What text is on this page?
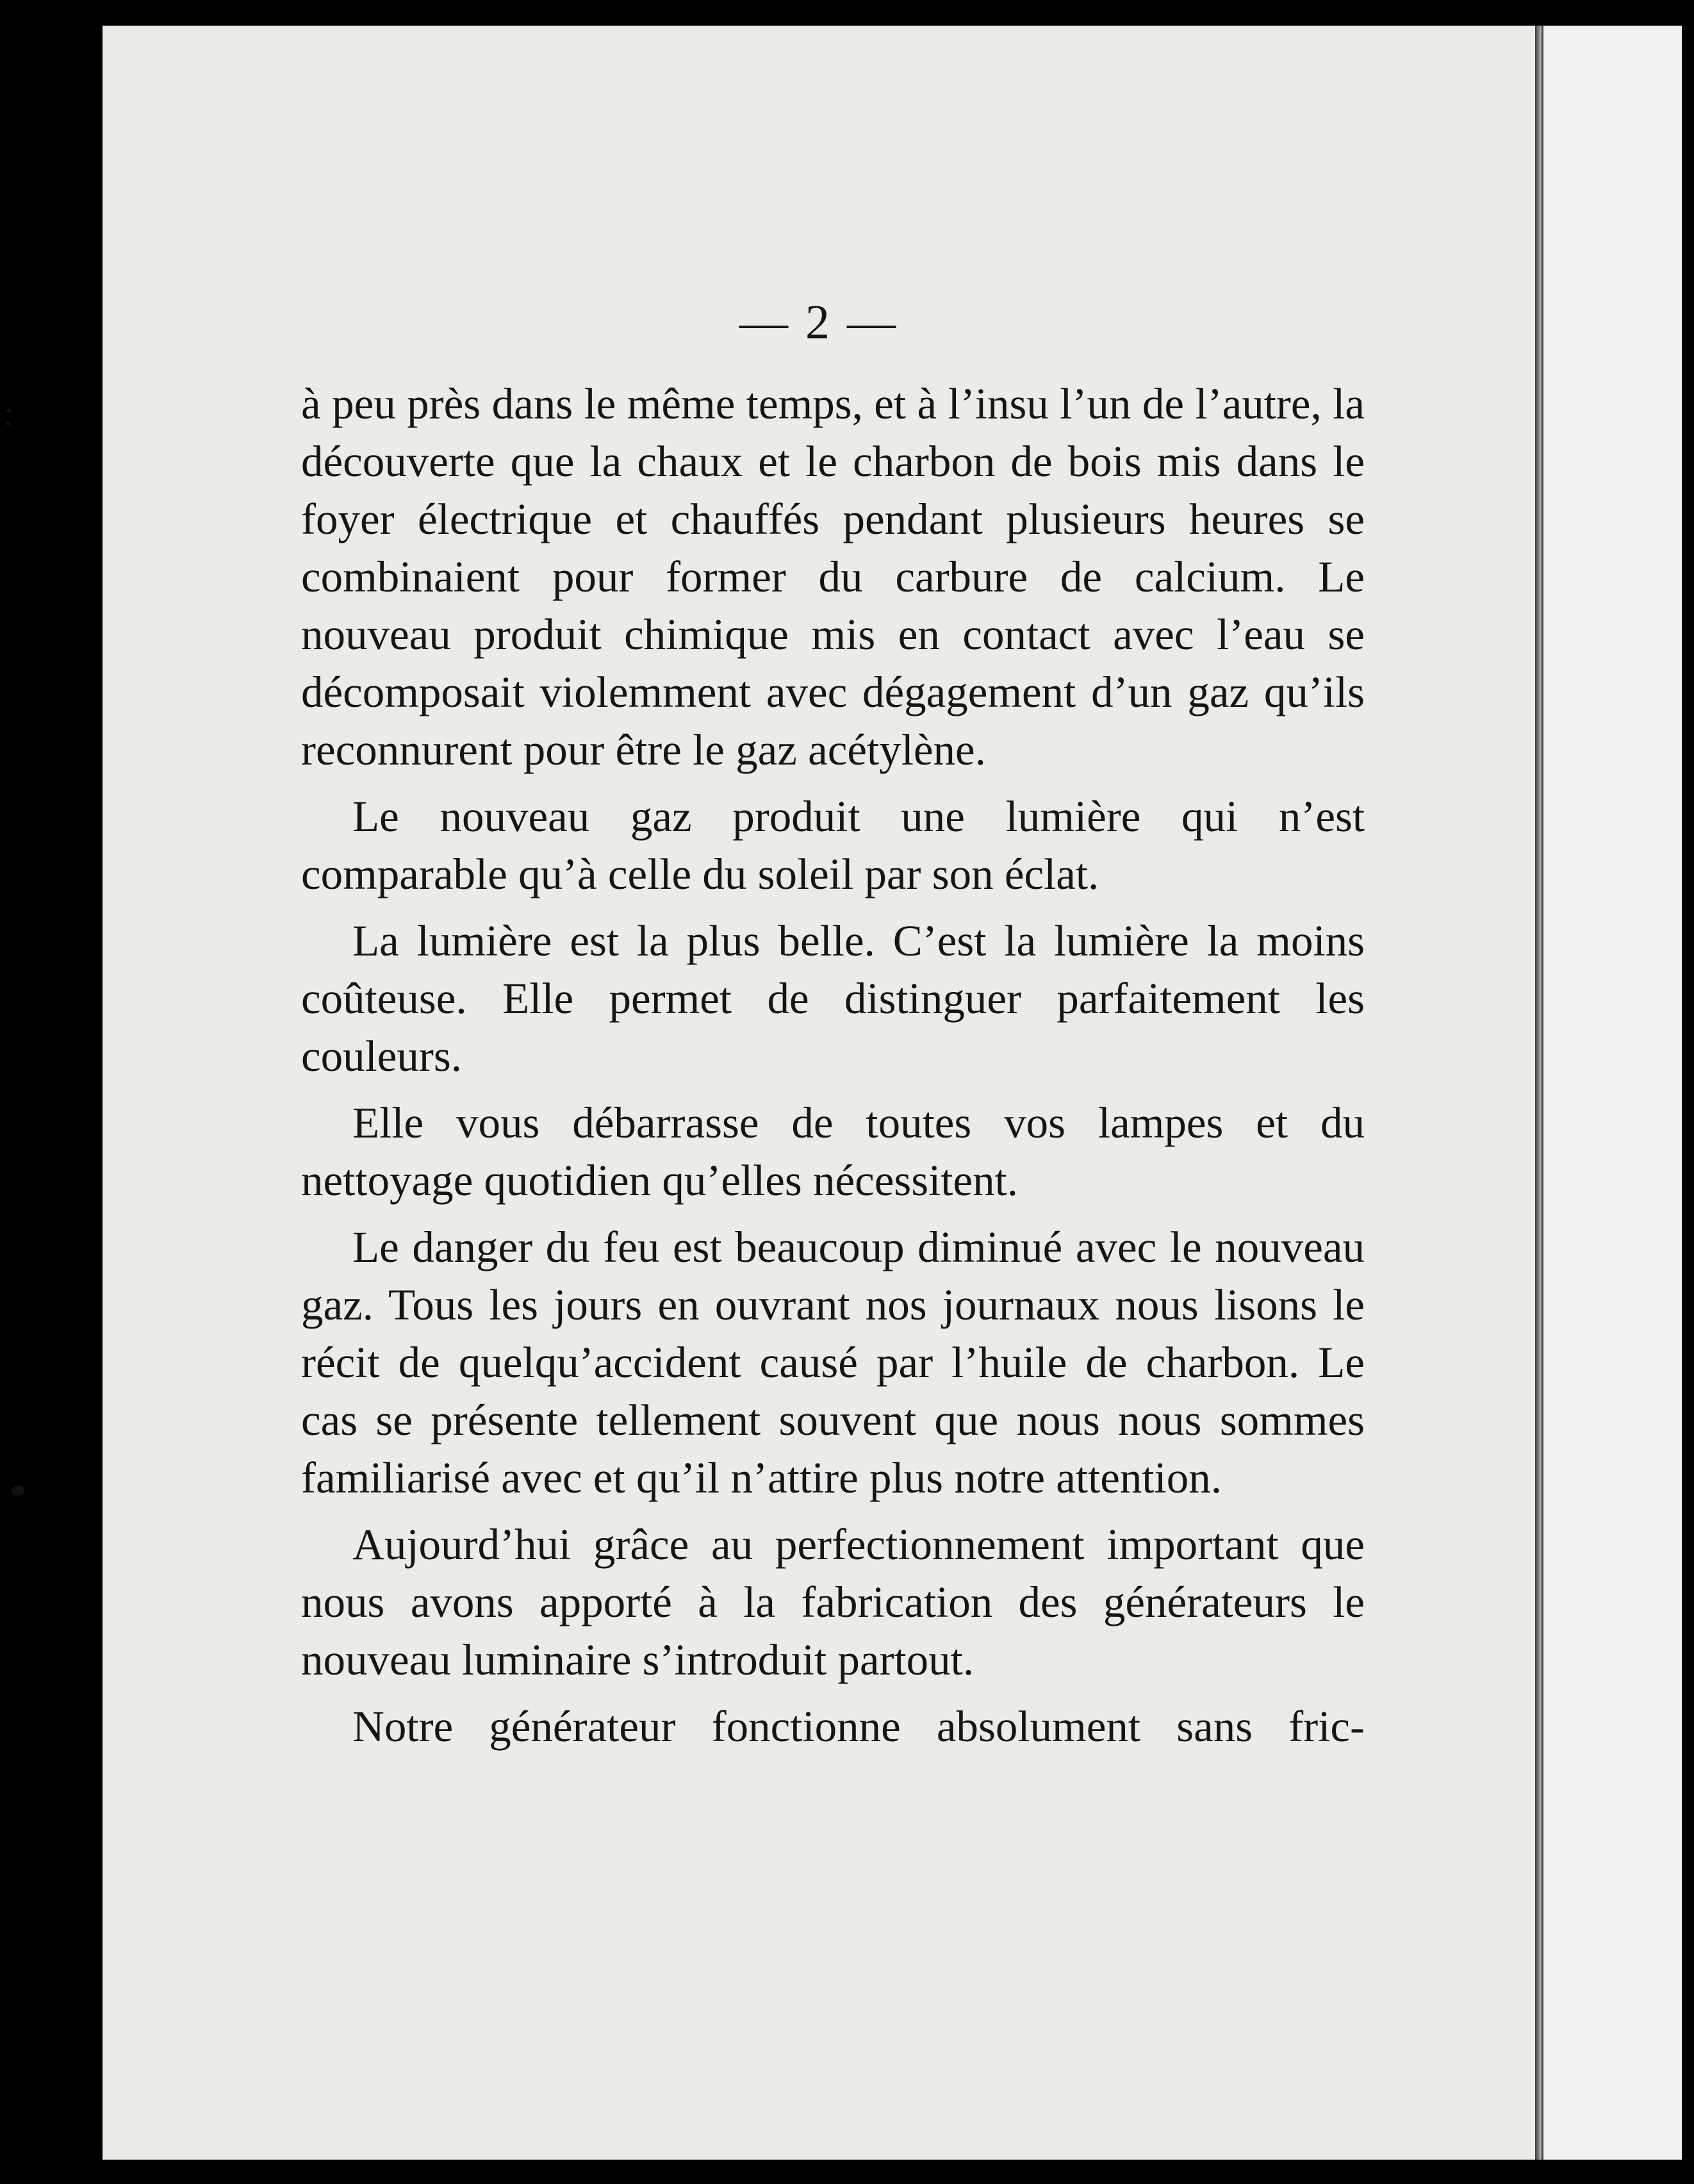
— 2 —

à peu près dans le même temps, et à l’insu l’un de l’autre, la découverte que la chaux et le charbon de bois mis dans le foyer électrique et chauffés pendant plusieurs heures se combinaient pour former du carbure de calcium. Le nouveau produit chimique mis en contact avec l’eau se décomposait violemment avec dégagement d’un gaz qu’ils reconnurent pour être le gaz acétylène.

Le nouveau gaz produit une lumière qui n’est comparable qu’à celle du soleil par son éclat.

La lumière est la plus belle. C’est la lumière la moins coûteuse. Elle permet de distinguer parfaitement les couleurs.

Elle vous débarrasse de toutes vos lampes et du nettoyage quotidien qu’elles nécessitent.

Le danger du feu est beaucoup diminué avec le nouveau gaz. Tous les jours en ouvrant nos journaux nous lisons le récit de quelqu’accident causé par l’huile de charbon. Le cas se présente tellement souvent que nous nous sommes familiarisé avec et qu’il n’attire plus notre attention.

Aujourd’hui grâce au perfectionnement important que nous avons apporté à la fabrication des générateurs le nouveau luminaire s’introduit partout.

Notre générateur fonctionne absolument sans fric-
